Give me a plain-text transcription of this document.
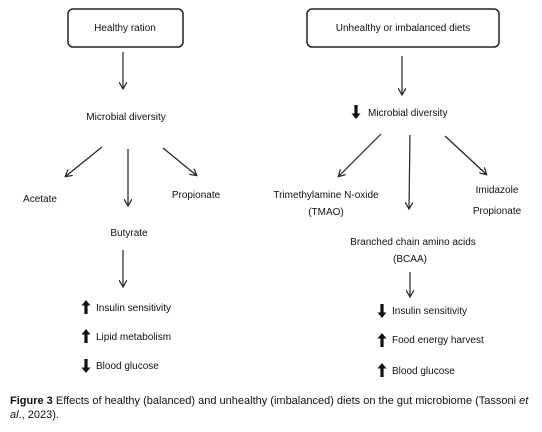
Healthy ration
Microbial diversity
Acetate	Propionate
Butyrate
Insulin sensitivity
Lipid metabolism
Blood glucose
Unhealthy or imbalanced diets
Microbial diversity
Trimethylamine N-oxide
(TMAO)
Imidazole
Propionate
Branched chain amino acids
(BCAA)
Insulin sensitivity
Food energy harvest
Blood glucose
Figure 3 Effects of healthy (balanced) and unhealthy (imbalanced) diets on the gut microbiome (Tassoni et al., 2023).
